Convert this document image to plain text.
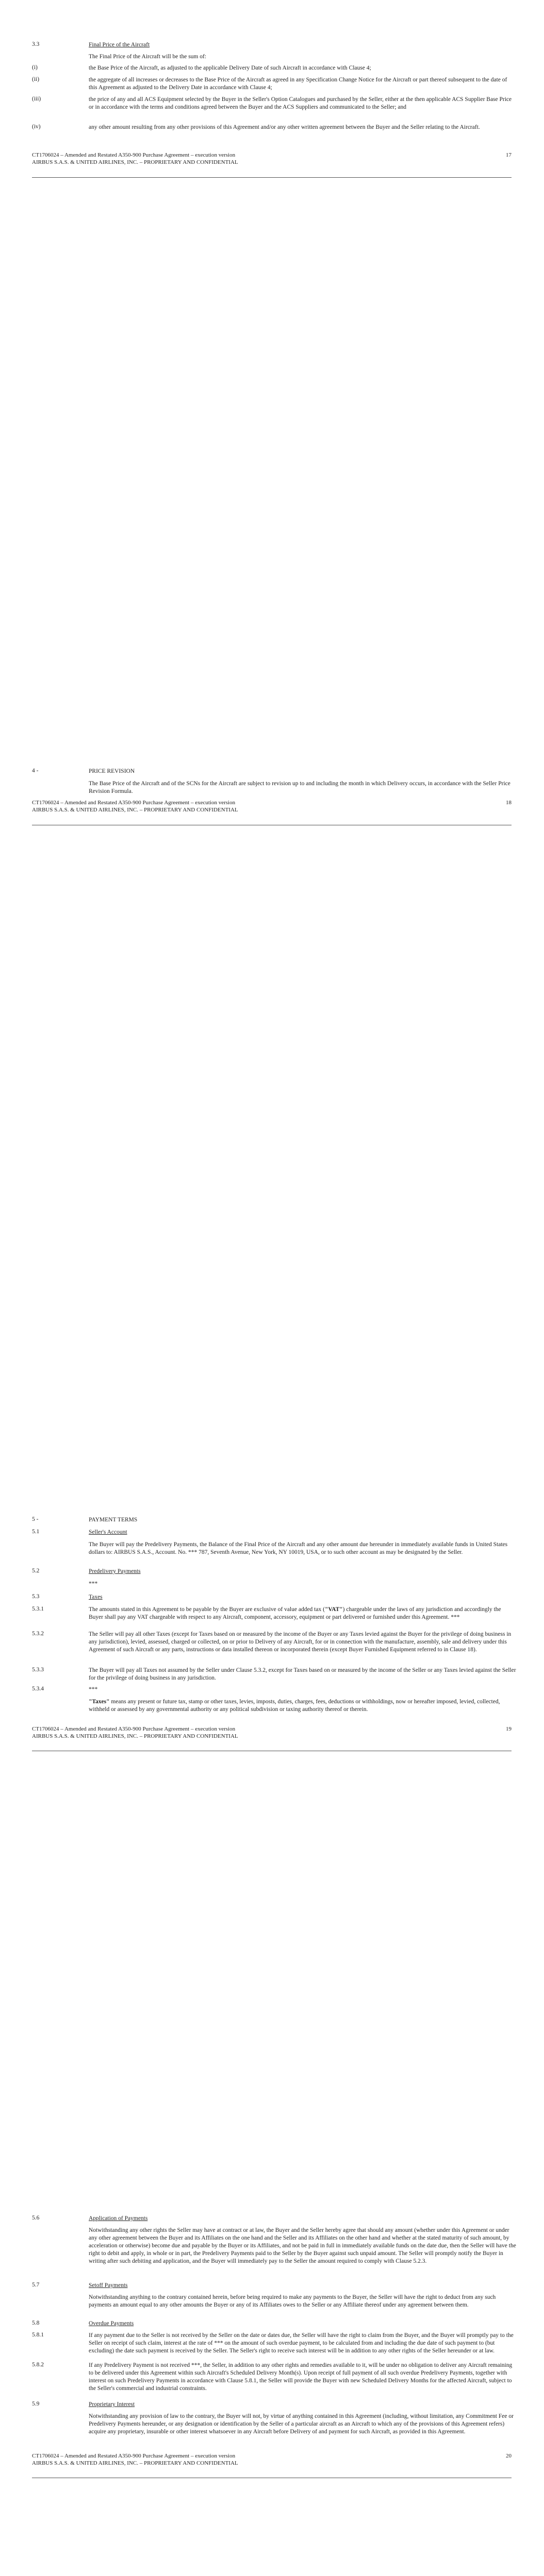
3.3	Final Price of the Aircraft
The Final Price of the Aircraft will be the sum of:
(i)	the Base Price of the Aircraft, as adjusted to the applicable Delivery Date of such Aircraft in accordance with Clause 4;
(ii)	the aggregate of all increases or decreases to the Base Price of the Aircraft as agreed in any Specification Change Notice for the Aircraft or part thereof subsequent to the date of this Agreement as adjusted to the Delivery Date in accordance with Clause 4;
(iii)	the price of any and all ACS Equipment selected by the Buyer in the Seller's Option Catalogues and purchased by the Seller, either at the then applicable ACS Supplier Base Price or in accordance with the terms and conditions agreed between the Buyer and the ACS Suppliers and communicated to the Seller; and
(iv)	any other amount resulting from any other provisions of this Agreement and/or any other written agreement between the Buyer and the Seller relating to the Aircraft.
CT1706024 – Amended and Restated A350-900 Purchase Agreement – execution version
AIRBUS S.A.S. & UNITED AIRLINES, INC. – PROPRIETARY AND CONFIDENTIAL
17
4 -	PRICE REVISION
The Base Price of the Aircraft and of the SCNs for the Aircraft are subject to revision up to and including the month in which Delivery occurs, in accordance with the Seller Price Revision Formula.
CT1706024 – Amended and Restated A350-900 Purchase Agreement – execution version
AIRBUS S.A.S. & UNITED AIRLINES, INC. – PROPRIETARY AND CONFIDENTIAL
18
5 -	PAYMENT TERMS
5.1	Seller's Account
The Buyer will pay the Predelivery Payments, the Balance of the Final Price of the Aircraft and any other amount due hereunder in immediately available funds in United States dollars to: AIRBUS S.A.S., Account. No. *** 787, Seventh Avenue, New York, NY 10019, USA, or to such other account as may be designated by the Seller.
5.2	Predelivery Payments
***
5.3	Taxes
5.3.1	The amounts stated in this Agreement to be payable by the Buyer are exclusive of value added tax ("VAT") chargeable under the laws of any jurisdiction and accordingly the Buyer shall pay any VAT chargeable with respect to any Aircraft, component, accessory, equipment or part delivered or furnished under this Agreement. ***
5.3.2	The Seller will pay all other Taxes (except for Taxes based on or measured by the income of the Buyer or any Taxes levied against the Buyer for the privilege of doing business in any jurisdiction), levied, assessed, charged or collected, on or prior to Delivery of any Aircraft, for or in connection with the manufacture, assembly, sale and delivery under this Agreement of such Aircraft or any parts, instructions or data installed thereon or incorporated therein (except Buyer Furnished Equipment referred to in Clause 18).
5.3.3	The Buyer will pay all Taxes not assumed by the Seller under Clause 5.3.2, except for Taxes based on or measured by the income of the Seller or any Taxes levied against the Seller for the privilege of doing business in any jurisdiction.
5.3.4	***
"Taxes" means any present or future tax, stamp or other taxes, levies, imposts, duties, charges, fees, deductions or withholdings, now or hereafter imposed, levied, collected, withheld or assessed by any governmental authority or any political subdivision or taxing authority thereof or therein.
CT1706024 – Amended and Restated A350-900 Purchase Agreement – execution version
AIRBUS S.A.S. & UNITED AIRLINES, INC. – PROPRIETARY AND CONFIDENTIAL
19
5.6	Application of Payments
Notwithstanding any other rights the Seller may have at contract or at law, the Buyer and the Seller hereby agree that should any amount (whether under this Agreement or under any other agreement between the Buyer and its Affiliates on the one hand and the Seller and its Affiliates on the other hand and whether at the stated maturity of such amount, by acceleration or otherwise) become due and payable by the Buyer or its Affiliates, and not be paid in full in immediately available funds on the date due, then the Seller will have the right to debit and apply, in whole or in part, the Predelivery Payments paid to the Seller by the Buyer against such unpaid amount. The Seller will promptly notify the Buyer in writing after such debiting and application, and the Buyer will immediately pay to the Seller the amount required to comply with Clause 5.2.3.
5.7	Setoff Payments
Notwithstanding anything to the contrary contained herein, before being required to make any payments to the Buyer, the Seller will have the right to deduct from any such payments an amount equal to any other amounts the Buyer or any of its Affiliates owes to the Seller or any Affiliate thereof under any agreement between them.
5.8	Overdue Payments
5.8.1	If any payment due to the Seller is not received by the Seller on the date or dates due, the Seller will have the right to claim from the Buyer, and the Buyer will promptly pay to the Seller on receipt of such claim, interest at the rate of *** on the amount of such overdue payment, to be calculated from and including the due date of such payment to (but excluding) the date such payment is received by the Seller. The Seller's right to receive such interest will be in addition to any other rights of the Seller hereunder or at law.
5.8.2	If any Predelivery Payment is not received ***, the Seller, in addition to any other rights and remedies available to it, will be under no obligation to deliver any Aircraft remaining to be delivered under this Agreement within such Aircraft's Scheduled Delivery Month(s). Upon receipt of full payment of all such overdue Predelivery Payments, together with interest on such Predelivery Payments in accordance with Clause 5.8.1, the Seller will provide the Buyer with new Scheduled Delivery Months for the affected Aircraft, subject to the Seller's commercial and industrial constraints.
5.9	Proprietary Interest
Notwithstanding any provision of law to the contrary, the Buyer will not, by virtue of anything contained in this Agreement (including, without limitation, any Commitment Fee or Predelivery Payments hereunder, or any designation or identification by the Seller of a particular aircraft as an Aircraft to which any of the provisions of this Agreement refers) acquire any proprietary, insurable or other interest whatsoever in any Aircraft before Delivery of and payment for such Aircraft, as provided in this Agreement.
CT1706024 – Amended and Restated A350-900 Purchase Agreement – execution version
AIRBUS S.A.S. & UNITED AIRLINES, INC. – PROPRIETARY AND CONFIDENTIAL
20
